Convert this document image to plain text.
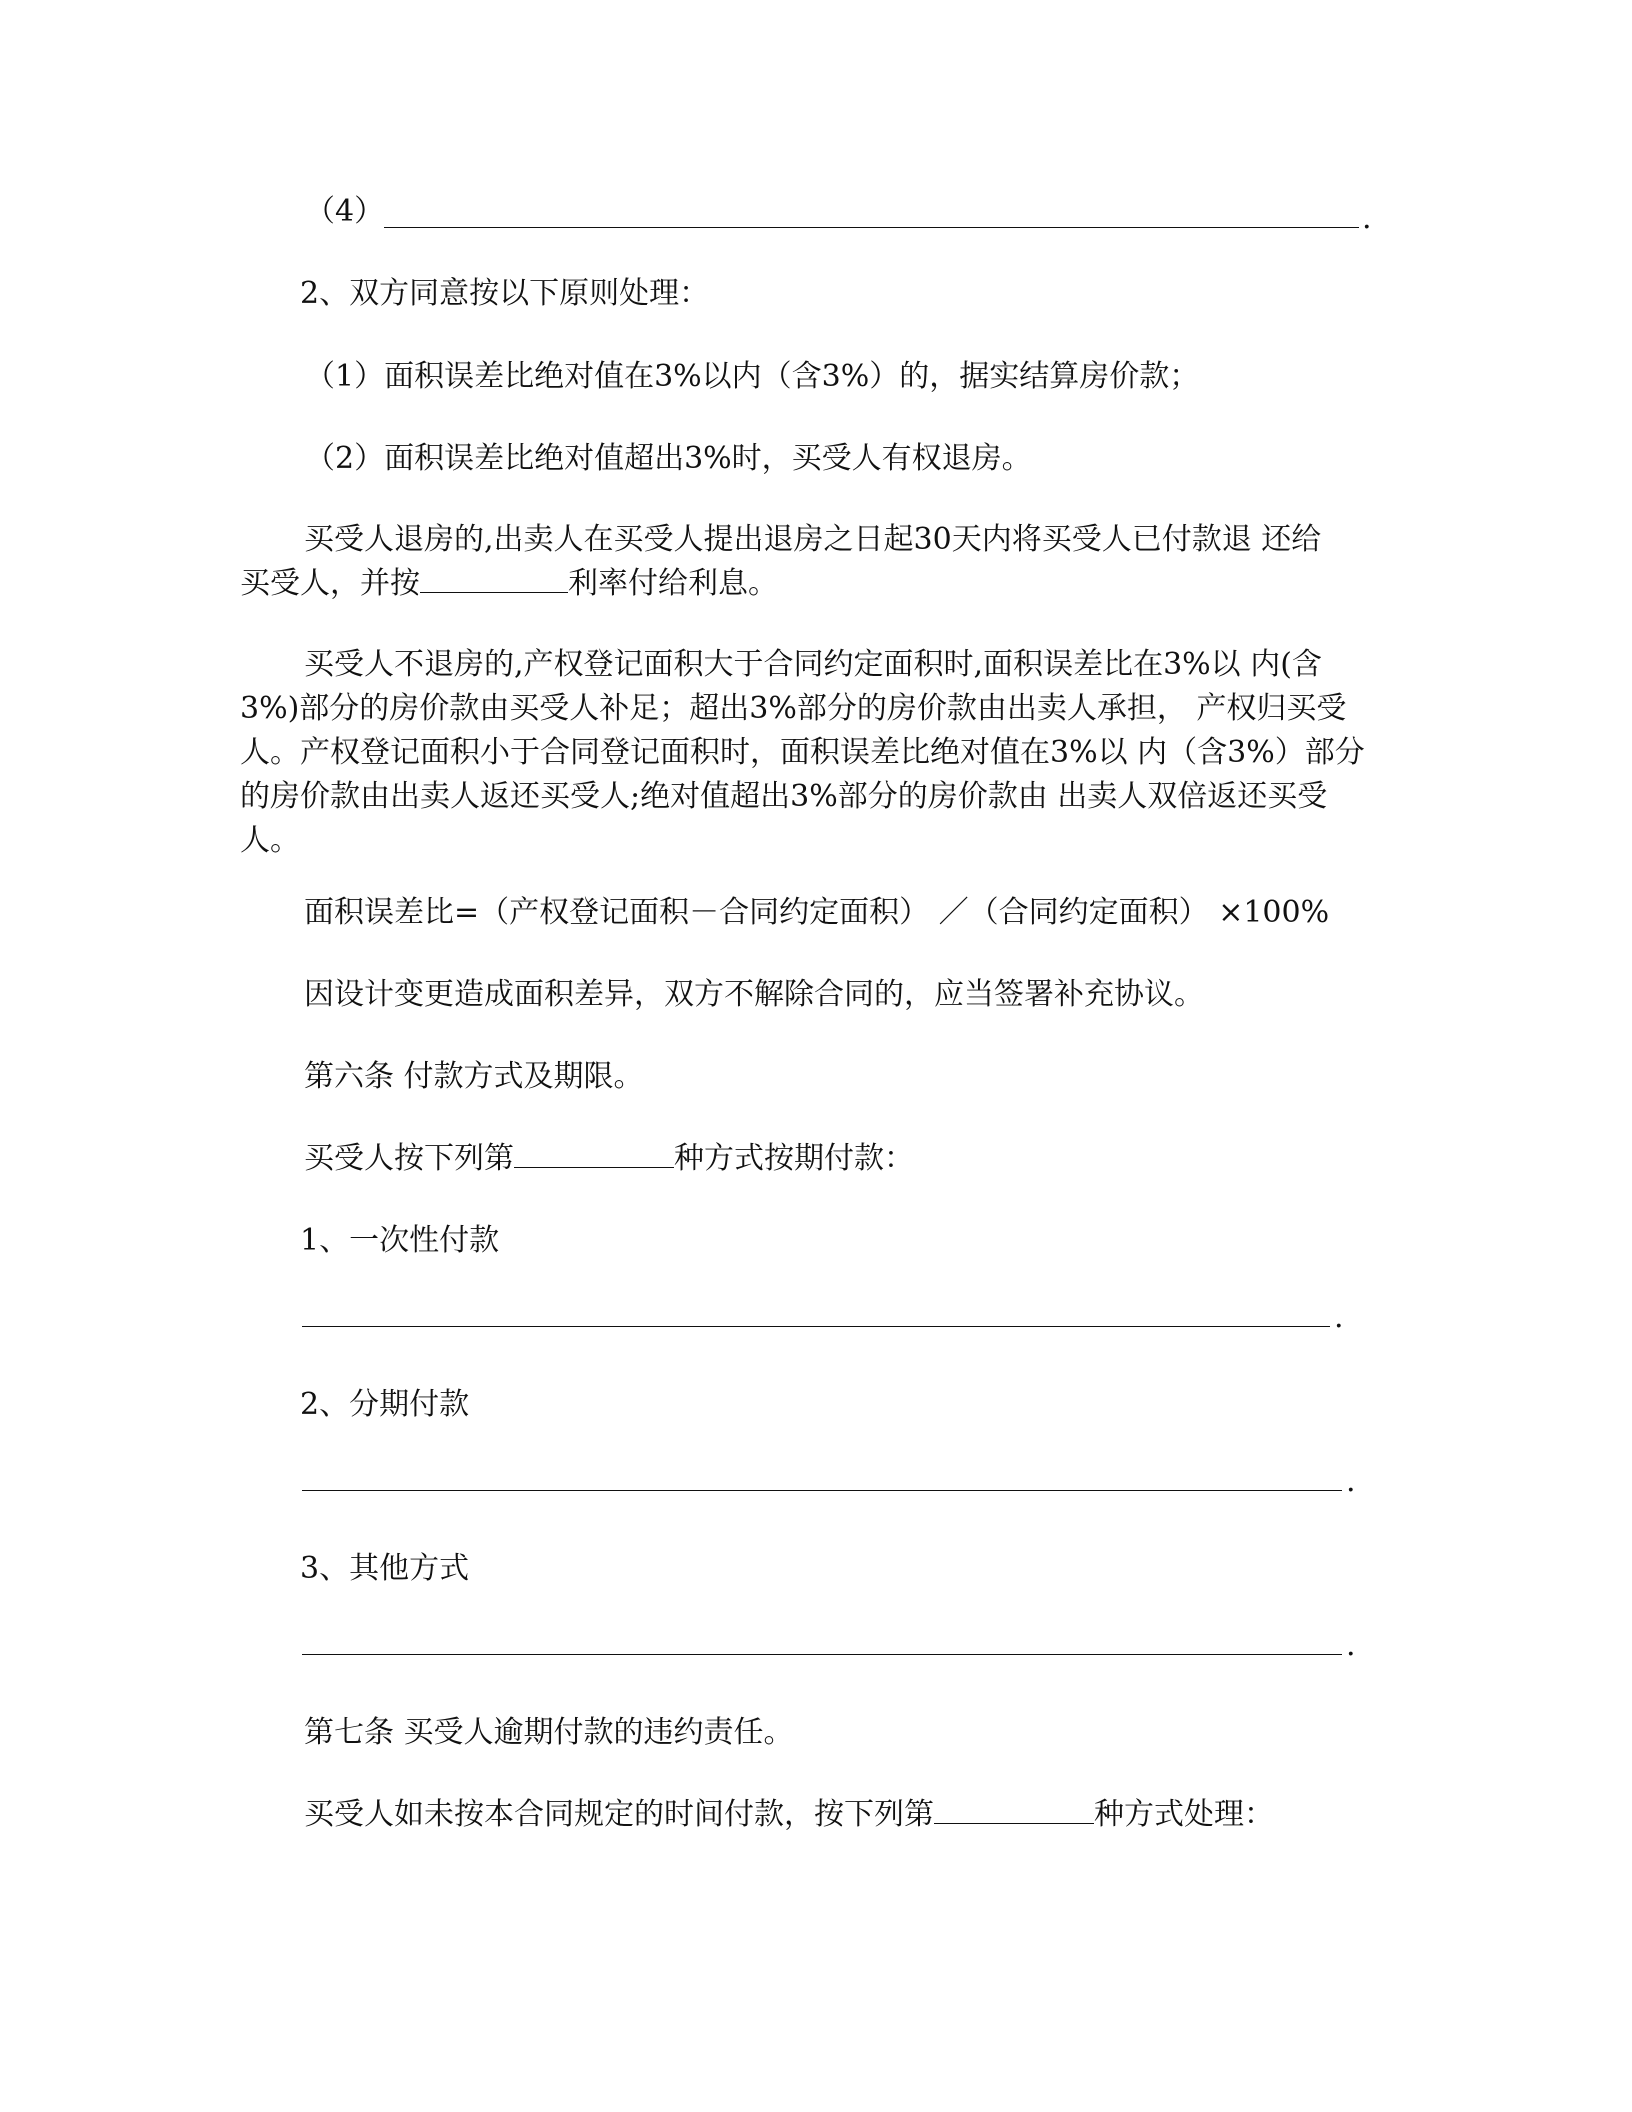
（4）	.
2、双方同意按以下原则处理：
（1）面积误差比绝对值在3%以内（含3%）的，据实结算房价款；
（2）面积误差比绝对值超出3%时，买受人有权退房。
买受人退房的,出卖人在买受人提出退房之日起30天内将买受人已付款退 还给
买受人，并按	利率付给利息。
买受人不退房的,产权登记面积大于合同约定面积时,面积误差比在3%以 内(含
3%)部分的房价款由买受人补足；超出3%部分的房价款由出卖人承担， 产权归买受
人。产权登记面积小于合同登记面积时，面积误差比绝对值在3%以 内（含3%）部分
的房价款由出卖人返还买受人;绝对值超出3%部分的房价款由 出卖人双倍返还买受
人。
面积误差比=（产权登记面积－合同约定面积） ／（合同约定面积） ×100%
因设计变更造成面积差异，双方不解除合同的，应当签署补充协议。
第六条 付款方式及期限。
买受人按下列第	种方式按期付款：
1、一次性付款
.
2、分期付款
.
3、其他方式
.
第七条 买受人逾期付款的违约责任。
买受人如未按本合同规定的时间付款，按下列第	种方式处理：
